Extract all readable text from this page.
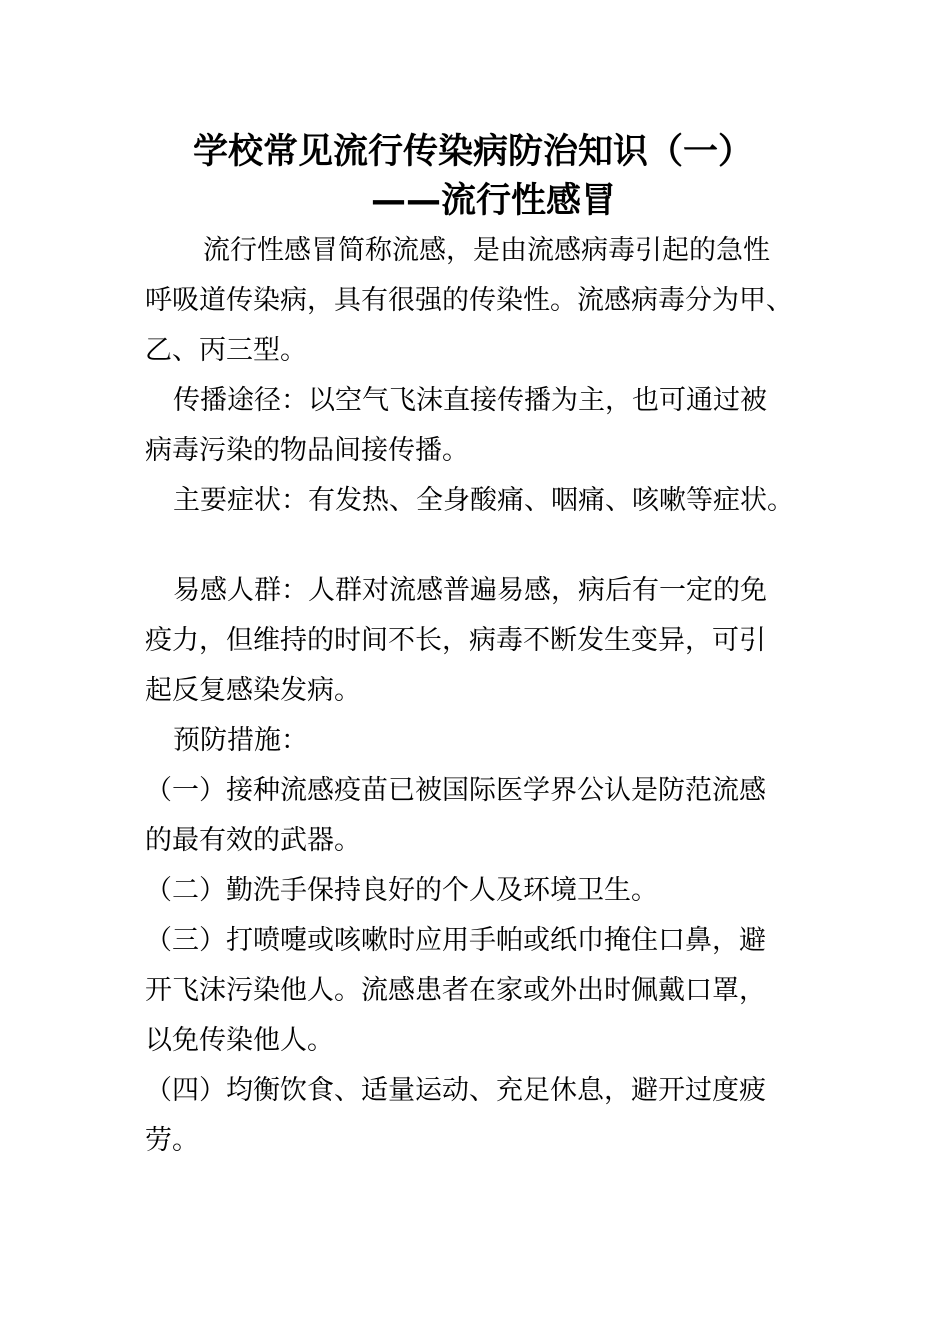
学校常见流行传染病防治知识（一）
——流行性感冒
流行性感冒简称流感，是由流感病毒引起的急性
呼吸道传染病，具有很强的传染性。流感病毒分为甲、
乙、丙三型。
传播途径：以空气飞沫直接传播为主，也可通过被
病毒污染的物品间接传播。
主要症状：有发热、全身酸痛、咽痛、咳嗽等症状。
易感人群：人群对流感普遍易感，病后有一定的免
疫力，但维持的时间不长，病毒不断发生变异，可引
起反复感染发病。
预防措施：
（一）接种流感疫苗已被国际医学界公认是防范流感
的最有效的武器。
（二）勤洗手保持良好的个人及环境卫生。
（三）打喷嚏或咳嗽时应用手帕或纸巾掩住口鼻，避
开飞沫污染他人。流感患者在家或外出时佩戴口罩，
以免传染他人。
（四）均衡饮食、适量运动、充足休息，避开过度疲
劳。
